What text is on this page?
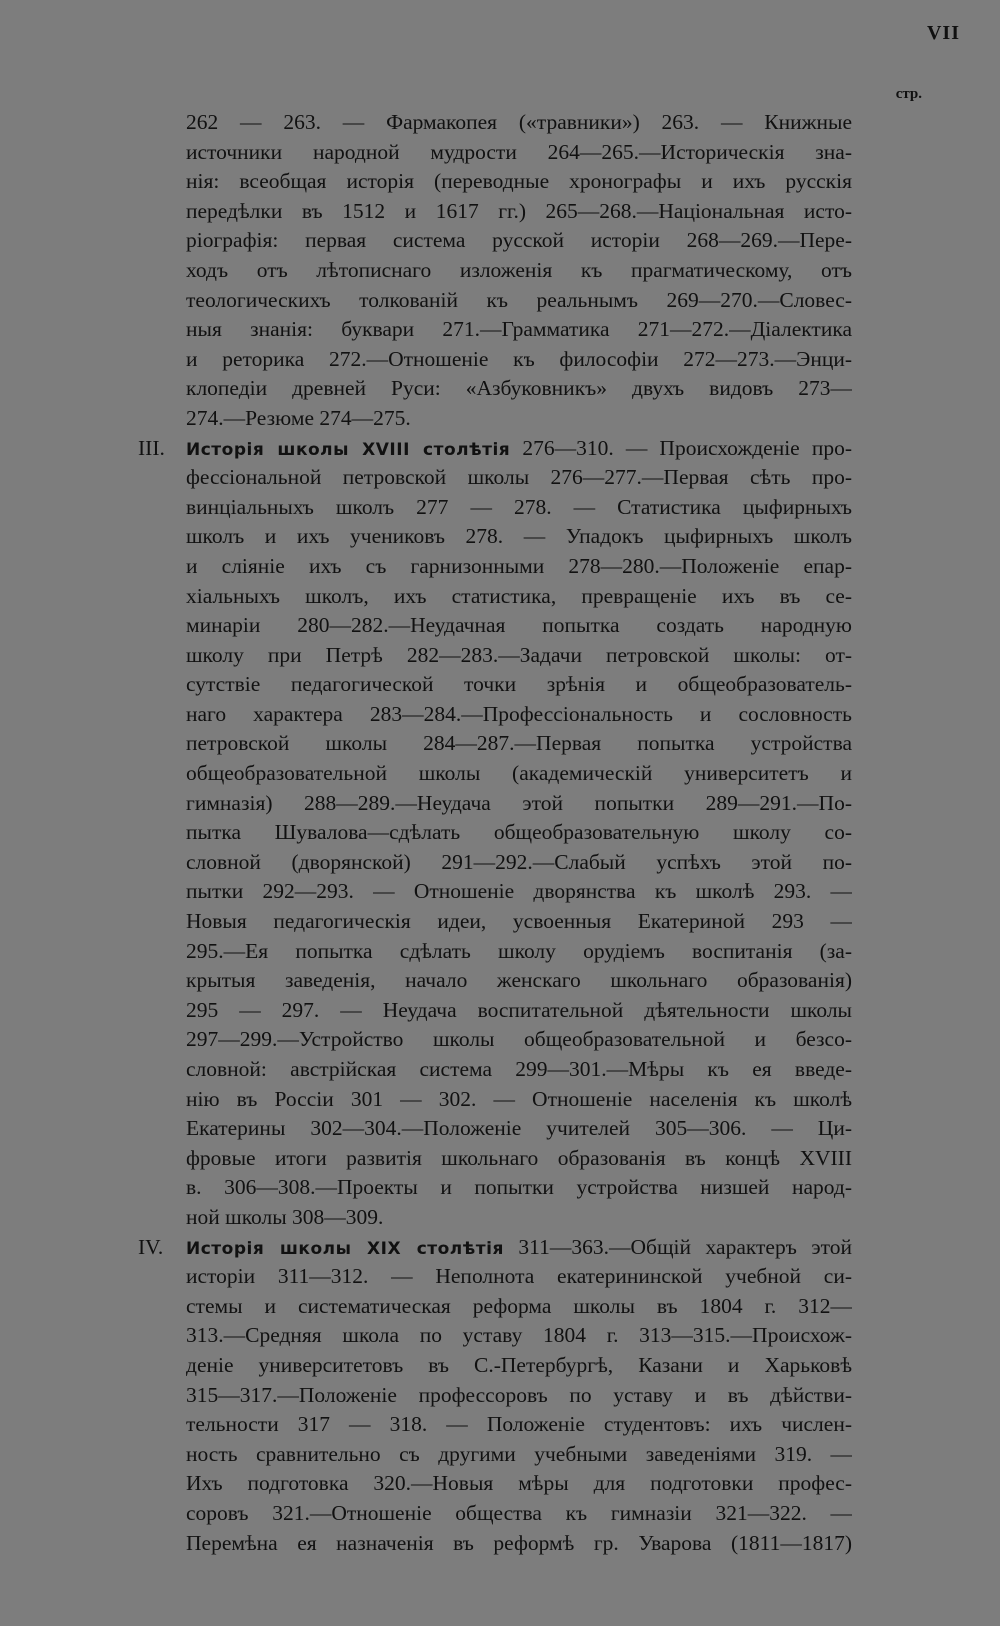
VII
стр.
262 — 263. — Фармакопея («травники») 263. — Книжные
источники народной мудрости 264—265.—Историческія зна-
нія: всеобщая исторія (переводные хронографы и ихъ русскія
передѣлки въ 1512 и 1617 гг.) 265—268.—Національная исто-
ріографія: первая система русской исторіи 268—269.—Пере-
ходъ отъ лѣтописнаго изложенія къ прагматическому, отъ
теологическихъ толкованій къ реальнымъ 269—270.—Словес-
ныя знанія: буквари 271.—Грамматика 271—272.—Діалектика
и реторика 272.—Отношеніе къ философіи 272—273.—Энци-
клопедіи древней Руси: «Азбуковникъ» двухъ видовъ 273—
274.—Резюме 274—275.
III. Исторія школы XVIII столѣтія 276—310. — Происхожденіе про-
фессіональной петровской школы 276—277.—Первая сѣть про-
винціальныхъ школъ 277 — 278. — Статистика цыфирныхъ
школъ и ихъ учениковъ 278. — Упадокъ цыфирныхъ школъ
и сліяніе ихъ съ гарнизонными 278—280.—Положеніе епар-
хіальныхъ школъ, ихъ статистика, превращеніе ихъ въ се-
минаріи 280—282.—Неудачная попытка создать народную
школу при Петрѣ 282—283.—Задачи петровской школы: от-
сутствіе педагогической точки зрѣнія и общеобразователь-
наго характера 283—284.—Профессіональность и сословность
петровской школы 284—287.—Первая попытка устройства
общеобразовательной школы (академическій университетъ и
гимназія) 288—289.—Неудача этой попытки 289—291.—По-
пытка Шувалова—сдѣлать общеобразовательную школу со-
словной (дворянской) 291—292.—Слабый успѣхъ этой по-
пытки 292—293. — Отношеніе дворянства къ школѣ 293. —
Новыя педагогическія идеи, усвоенныя Екатериной 293 —
295.—Ея попытка сдѣлать школу орудіемъ воспитанія (за-
крытыя заведенія, начало женскаго школьнаго образованія)
295 — 297. — Неудача воспитательной дѣятельности школы
297—299.—Устройство школы общеобразовательной и безсо-
словной: австрійская система 299—301.—Мѣры къ ея введе-
нію въ Россіи 301 — 302. — Отношеніе населенія къ школѣ
Екатерины 302—304.—Положеніе учителей 305—306. — Ци-
фровые итоги развитія школьнаго образованія въ концѣ XVIII
в. 306—308.—Проекты и попытки устройства низшей народ-
ной школы 308—309.
IV. Исторія школы XIX столѣтія 311—363.—Общій характеръ этой
исторіи 311—312. — Неполнота екатерининской учебной си-
стемы и систематическая реформа школы въ 1804 г. 312—
313.—Средняя школа по уставу 1804 г. 313—315.—Происхож-
деніе университетовъ въ С.-Петербургѣ, Казани и Харьковѣ
315—317.—Положеніе профессоровъ по уставу и въ дѣйстви-
тельности 317 — 318. — Положеніе студентовъ: ихъ числен-
ность сравнительно съ другими учебными заведеніями 319. —
Ихъ подготовка 320.—Новыя мѣры для подготовки профес-
соровъ 321.—Отношеніе общества къ гимназіи 321—322. —
Перемѣна ея назначенія въ реформѣ гр. Уварова (1811—1817)
